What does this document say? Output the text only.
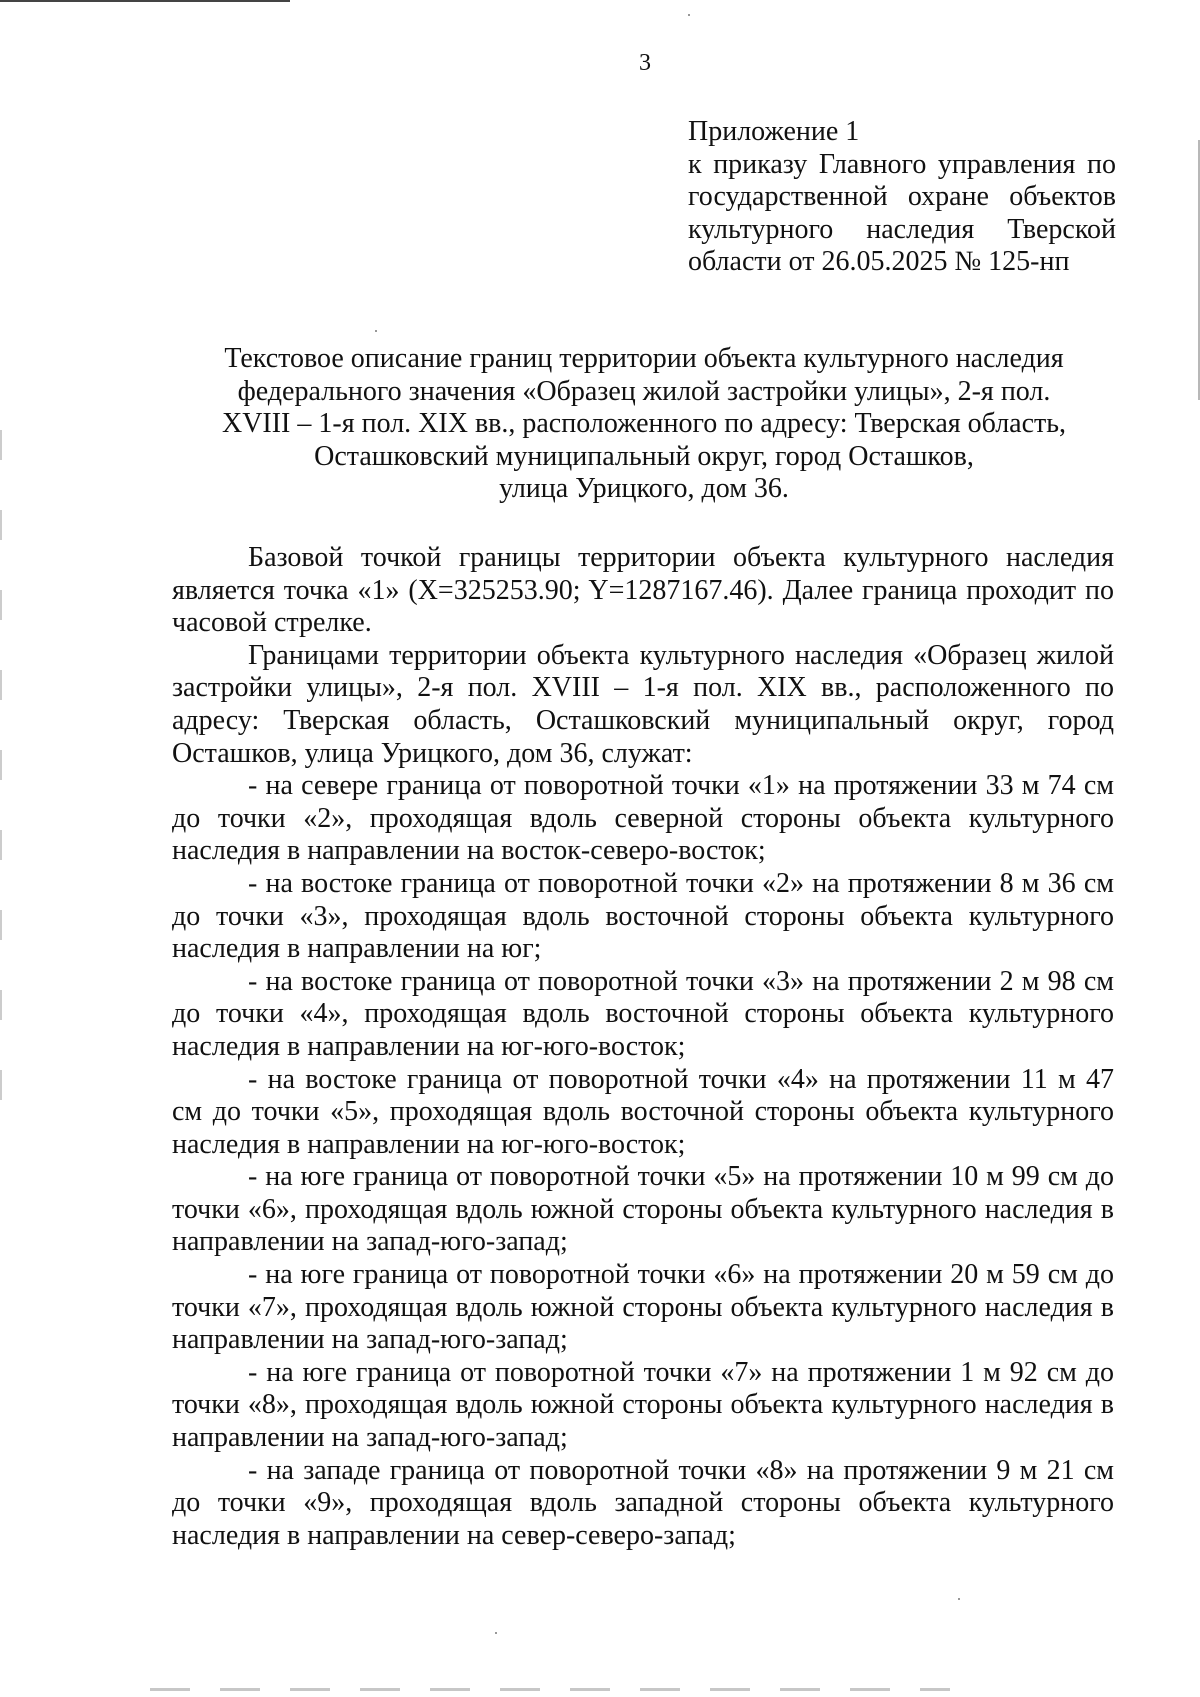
3
Приложение 1
к приказу Главного управления по
государственной охране объектов
культурного наследия Тверской
области от 26.05.2025 № 125-нп
Текстовое описание границ территории объекта культурного наследия
федерального значения «Образец жилой застройки улицы», 2-я пол.
XVIII – 1-я пол. XIX вв., расположенного по адресу: Тверская область,
Осташковский муниципальный округ, город Осташков,
улица Урицкого, дом 36.
Базовой точкой границы территории объекта культурного наследия
является точка «1» (X=325253.90; Y=1287167.46). Далее граница проходит по
часовой стрелке.
Границами территории объекта культурного наследия «Образец жилой
застройки улицы», 2-я пол. XVIII – 1-я пол. XIX вв., расположенного по
адресу: Тверская область, Осташковский муниципальный округ, город
Осташков, улица Урицкого, дом 36, служат:
- на севере граница от поворотной точки «1» на протяжении 33 м 74 см
до точки «2», проходящая вдоль северной стороны объекта культурного
наследия в направлении на восток-северо-восток;
- на востоке граница от поворотной точки «2» на протяжении 8 м 36 см
до точки «3», проходящая вдоль восточной стороны объекта культурного
наследия в направлении на юг;
- на востоке граница от поворотной точки «3» на протяжении 2 м 98 см
до точки «4», проходящая вдоль восточной стороны объекта культурного
наследия в направлении на юг-юго-восток;
- на востоке граница от поворотной точки «4» на протяжении 11 м 47
см до точки «5», проходящая вдоль восточной стороны объекта культурного
наследия в направлении на юг-юго-восток;
- на юге граница от поворотной точки «5» на протяжении 10 м 99 см до
точки «6», проходящая вдоль южной стороны объекта культурного наследия в
направлении на запад-юго-запад;
- на юге граница от поворотной точки «6» на протяжении 20 м 59 см до
точки «7», проходящая вдоль южной стороны объекта культурного наследия в
направлении на запад-юго-запад;
- на юге граница от поворотной точки «7» на протяжении 1 м 92 см до
точки «8», проходящая вдоль южной стороны объекта культурного наследия в
направлении на запад-юго-запад;
- на западе граница от поворотной точки «8» на протяжении 9 м 21 см
до точки «9», проходящая вдоль западной стороны объекта культурного
наследия в направлении на север-северо-запад;
